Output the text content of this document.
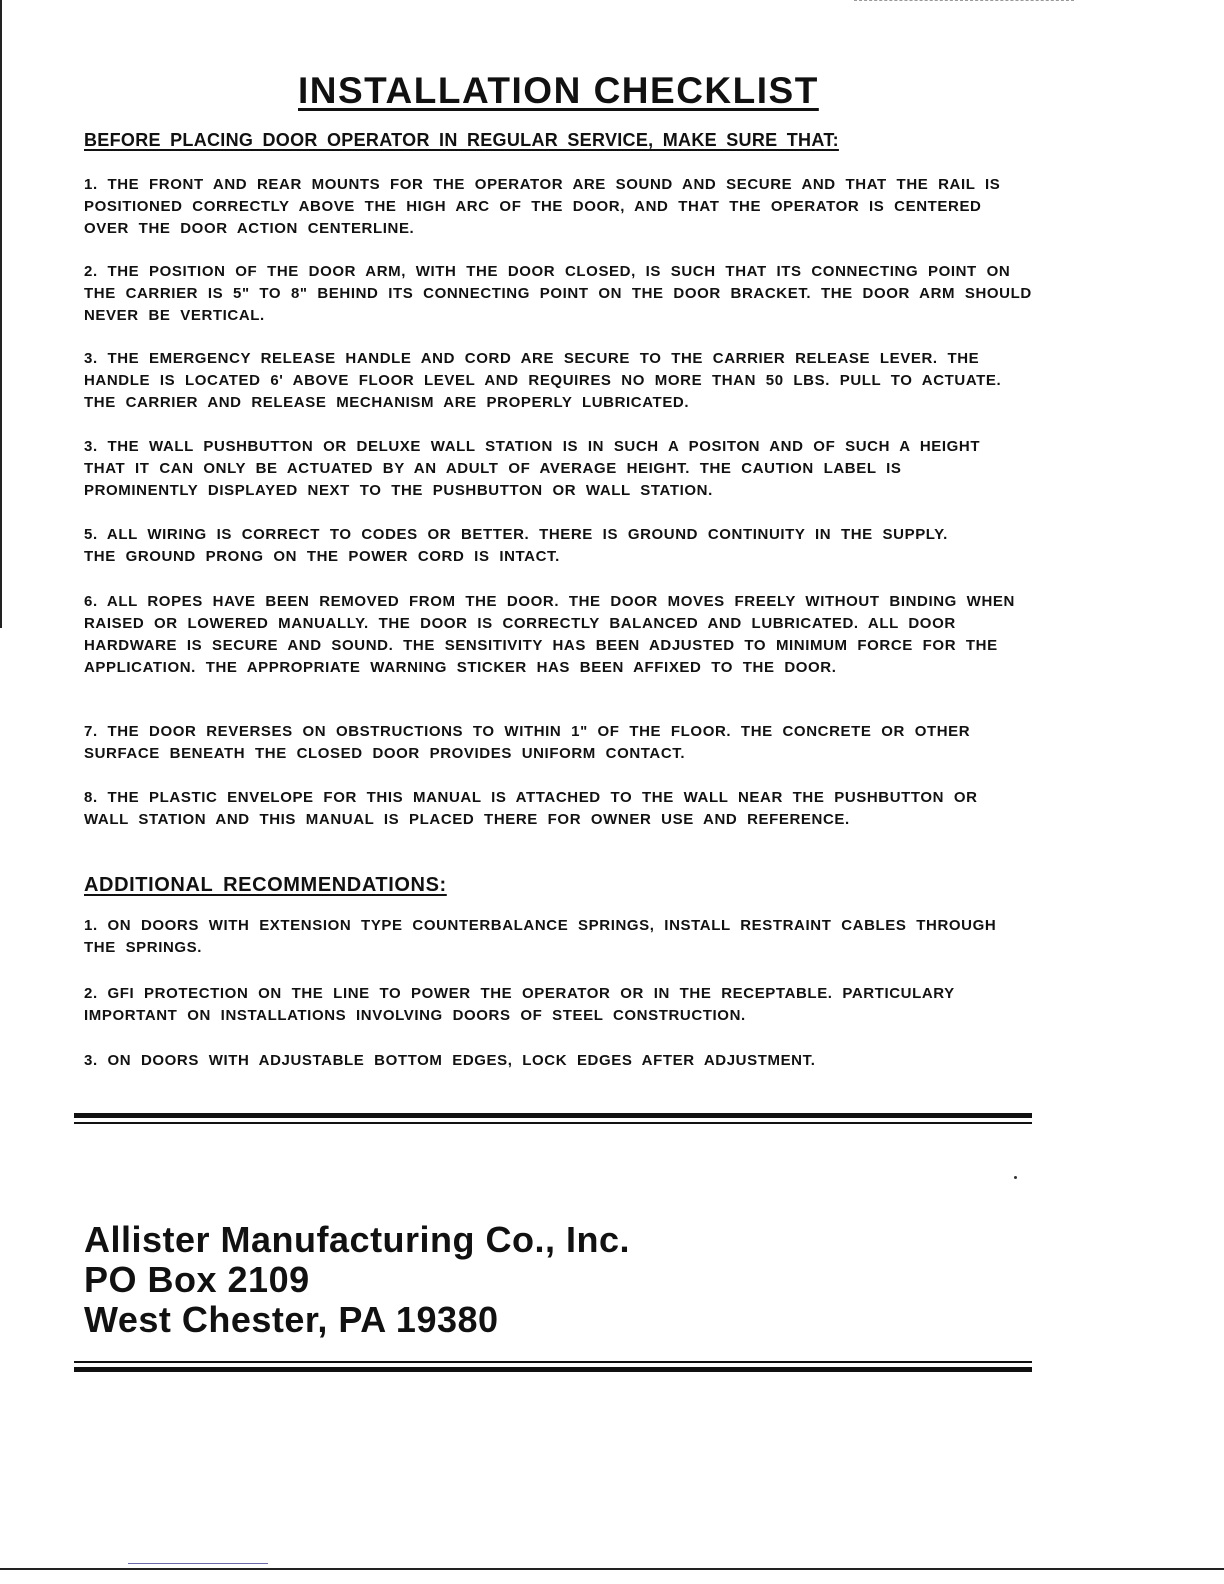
INSTALLATION CHECKLIST
BEFORE PLACING DOOR OPERATOR IN REGULAR SERVICE, MAKE SURE THAT:

1. THE FRONT AND REAR MOUNTS FOR THE OPERATOR ARE SOUND AND SECURE AND THAT THE RAIL IS POSITIONED CORRECTLY ABOVE THE HIGH ARC OF THE DOOR, AND THAT THE OPERATOR IS CENTERED OVER THE DOOR ACTION CENTERLINE.

2. THE POSITION OF THE DOOR ARM, WITH THE DOOR CLOSED, IS SUCH THAT ITS CONNECTING POINT ON THE CARRIER IS 5" TO 8" BEHIND ITS CONNECTING POINT ON THE DOOR BRACKET. THE DOOR ARM SHOULD NEVER BE VERTICAL.

3. THE EMERGENCY RELEASE HANDLE AND CORD ARE SECURE TO THE CARRIER RELEASE LEVER. THE HANDLE IS LOCATED 6' ABOVE FLOOR LEVEL AND REQUIRES NO MORE THAN 50 LBS. PULL TO ACTUATE. THE CARRIER AND RELEASE MECHANISM ARE PROPERLY LUBRICATED.

3. THE WALL PUSHBUTTON OR DELUXE WALL STATION IS IN SUCH A POSITON AND OF SUCH A HEIGHT THAT IT CAN ONLY BE ACTUATED BY AN ADULT OF AVERAGE HEIGHT. THE CAUTION LABEL IS PROMINENTLY DISPLAYED NEXT TO THE PUSHBUTTON OR WALL STATION.

5. ALL WIRING IS CORRECT TO CODES OR BETTER. THERE IS GROUND CONTINUITY IN THE SUPPLY. THE GROUND PRONG ON THE POWER CORD IS INTACT.

6. ALL ROPES HAVE BEEN REMOVED FROM THE DOOR. THE DOOR MOVES FREELY WITHOUT BINDING WHEN RAISED OR LOWERED MANUALLY. THE DOOR IS CORRECTLY BALANCED AND LUBRICATED. ALL DOOR HARDWARE IS SECURE AND SOUND. THE SENSITIVITY HAS BEEN ADJUSTED TO MINIMUM FORCE FOR THE APPLICATION. THE APPROPRIATE WARNING STICKER HAS BEEN AFFIXED TO THE DOOR.

7. THE DOOR REVERSES ON OBSTRUCTIONS TO WITHIN 1" OF THE FLOOR. THE CONCRETE OR OTHER SURFACE BENEATH THE CLOSED DOOR PROVIDES UNIFORM CONTACT.

8. THE PLASTIC ENVELOPE FOR THIS MANUAL IS ATTACHED TO THE WALL NEAR THE PUSHBUTTON OR WALL STATION AND THIS MANUAL IS PLACED THERE FOR OWNER USE AND REFERENCE.

ADDITIONAL RECOMMENDATIONS:

1. ON DOORS WITH EXTENSION TYPE COUNTERBALANCE SPRINGS, INSTALL RESTRAINT CABLES THROUGH THE SPRINGS.

2. GFI PROTECTION ON THE LINE TO POWER THE OPERATOR OR IN THE RECEPTABLE. PARTICULARY IMPORTANT ON INSTALLATIONS INVOLVING DOORS OF STEEL CONSTRUCTION.

3. ON DOORS WITH ADJUSTABLE BOTTOM EDGES, LOCK EDGES AFTER ADJUSTMENT.

Allister Manufacturing Co., Inc.
PO Box 2109
West Chester, PA 19380
